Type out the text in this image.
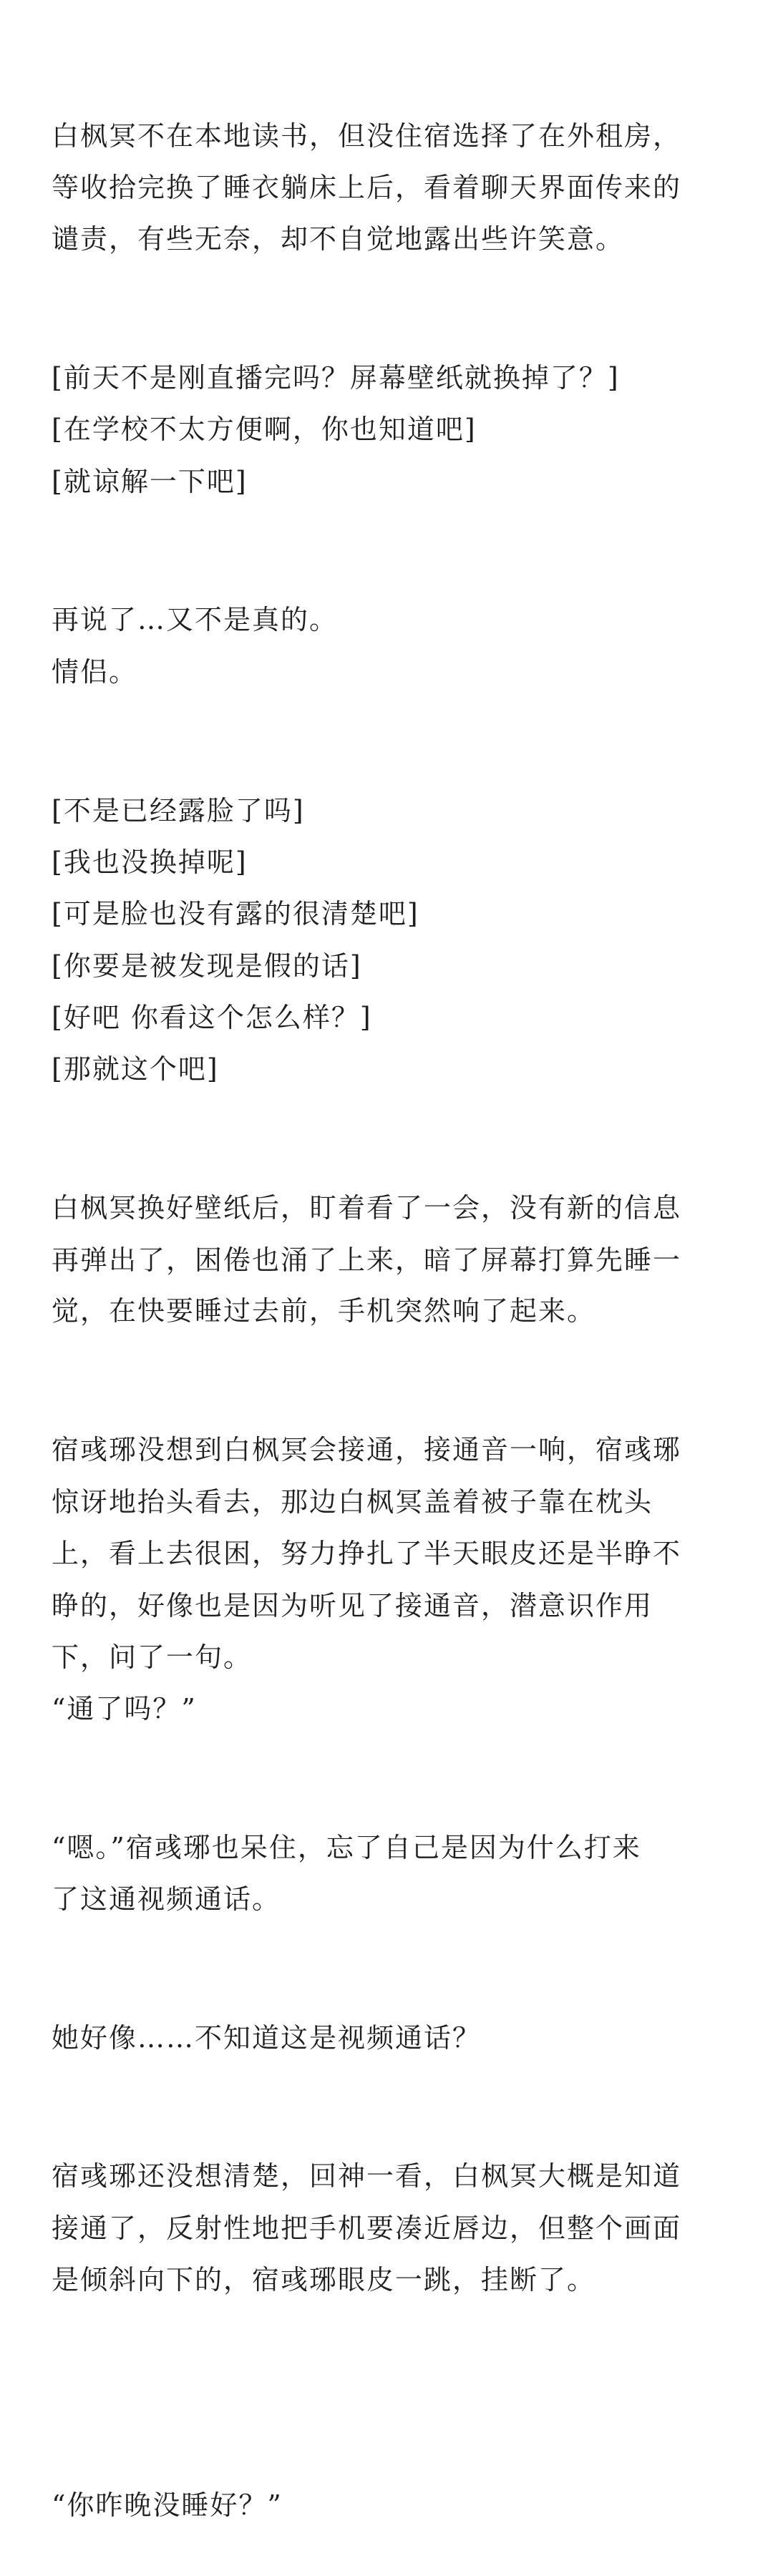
白枫冥不在本地读书，但没住宿选择了在外租房，
等收拾完换了睡衣躺床上后，看着聊天界面传来的
谴责，有些无奈，却不自觉地露出些许笑意。
[前天不是刚直播完吗？屏幕壁纸就换掉了？]
[在学校不太方便啊，你也知道吧]
[就谅解一下吧]
再说了…又不是真的。
情侣。
[不是已经露脸了吗]
[我也没换掉呢]
[可是脸也没有露的很清楚吧]
[你要是被发现是假的话]
[好吧 你看这个怎么样？]
[那就这个吧]
白枫冥换好壁纸后，盯着看了一会，没有新的信息
再弹出了，困倦也涌了上来，暗了屏幕打算先睡一
觉，在快要睡过去前，手机突然响了起来。
宿彧琊没想到白枫冥会接通，接通音一响，宿彧琊
惊讶地抬头看去，那边白枫冥盖着被子靠在枕头
上，看上去很困，努力挣扎了半天眼皮还是半睁不
睁的，好像也是因为听见了接通音，潜意识作用
下，问了一句。
“通了吗？”
“嗯。”宿彧琊也呆住，忘了自己是因为什么打来
了这通视频通话。
她好像……不知道这是视频通话？
宿彧琊还没想清楚，回神一看，白枫冥大概是知道
接通了，反射性地把手机要凑近唇边，但整个画面
是倾斜向下的，宿彧琊眼皮一跳，挂断了。
“你昨晚没睡好？”
